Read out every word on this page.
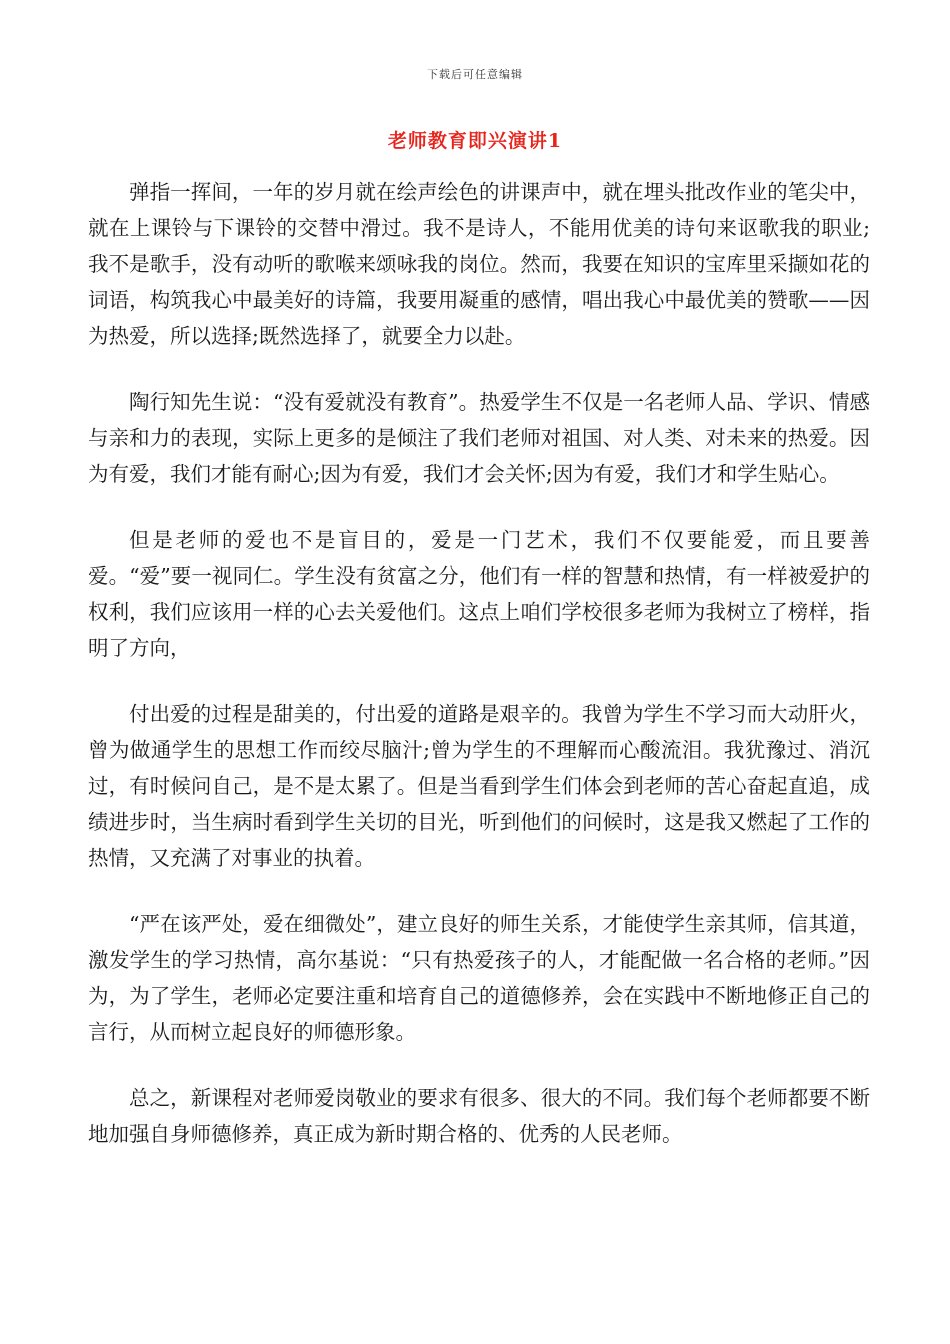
下载后可任意编辑
老师教育即兴演讲1

弹指一挥间，一年的岁月就在绘声绘色的讲课声中，就在埋头批改作业的笔尖中，就在上课铃与下课铃的交替中滑过。我不是诗人，不能用优美的诗句来讴歌我的职业;我不是歌手，没有动听的歌喉来颂咏我的岗位。然而，我要在知识的宝库里采撷如花的词语，构筑我心中最美好的诗篇，我要用凝重的感情，唱出我心中最优美的赞歌——因为热爱，所以选择;既然选择了，就要全力以赴。

陶行知先生说：“没有爱就没有教育”。热爱学生不仅是一名老师人品、学识、情感与亲和力的表现，实际上更多的是倾注了我们老师对祖国、对人类、对未来的热爱。因为有爱，我们才能有耐心;因为有爱，我们才会关怀;因为有爱，我们才和学生贴心。

但是老师的爱也不是盲目的，爱是一门艺术，我们不仅要能爱，而且要善爱。“爱”要一视同仁。学生没有贫富之分，他们有一样的智慧和热情，有一样被爱护的权利，我们应该用一样的心去关爱他们。这点上咱们学校很多老师为我树立了榜样，指明了方向，

付出爱的过程是甜美的，付出爱的道路是艰辛的。我曾为学生不学习而大动肝火，曾为做通学生的思想工作而绞尽脑汁;曾为学生的不理解而心酸流泪。我犹豫过、消沉过，有时候问自己，是不是太累了。但是当看到学生们体会到老师的苦心奋起直追，成绩进步时，当生病时看到学生关切的目光，听到他们的问候时，这是我又燃起了工作的热情，又充满了对事业的执着。

“严在该严处，爱在细微处”，建立良好的师生关系，才能使学生亲其师，信其道，激发学生的学习热情，高尔基说：“只有热爱孩子的人，才能配做一名合格的老师。”因为，为了学生，老师必定要注重和培育自己的道德修养，会在实践中不断地修正自己的言行，从而树立起良好的师德形象。

总之，新课程对老师爱岗敬业的要求有很多、很大的不同。我们每个老师都要不断地加强自身师德修养，真正成为新时期合格的、优秀的人民老师。
